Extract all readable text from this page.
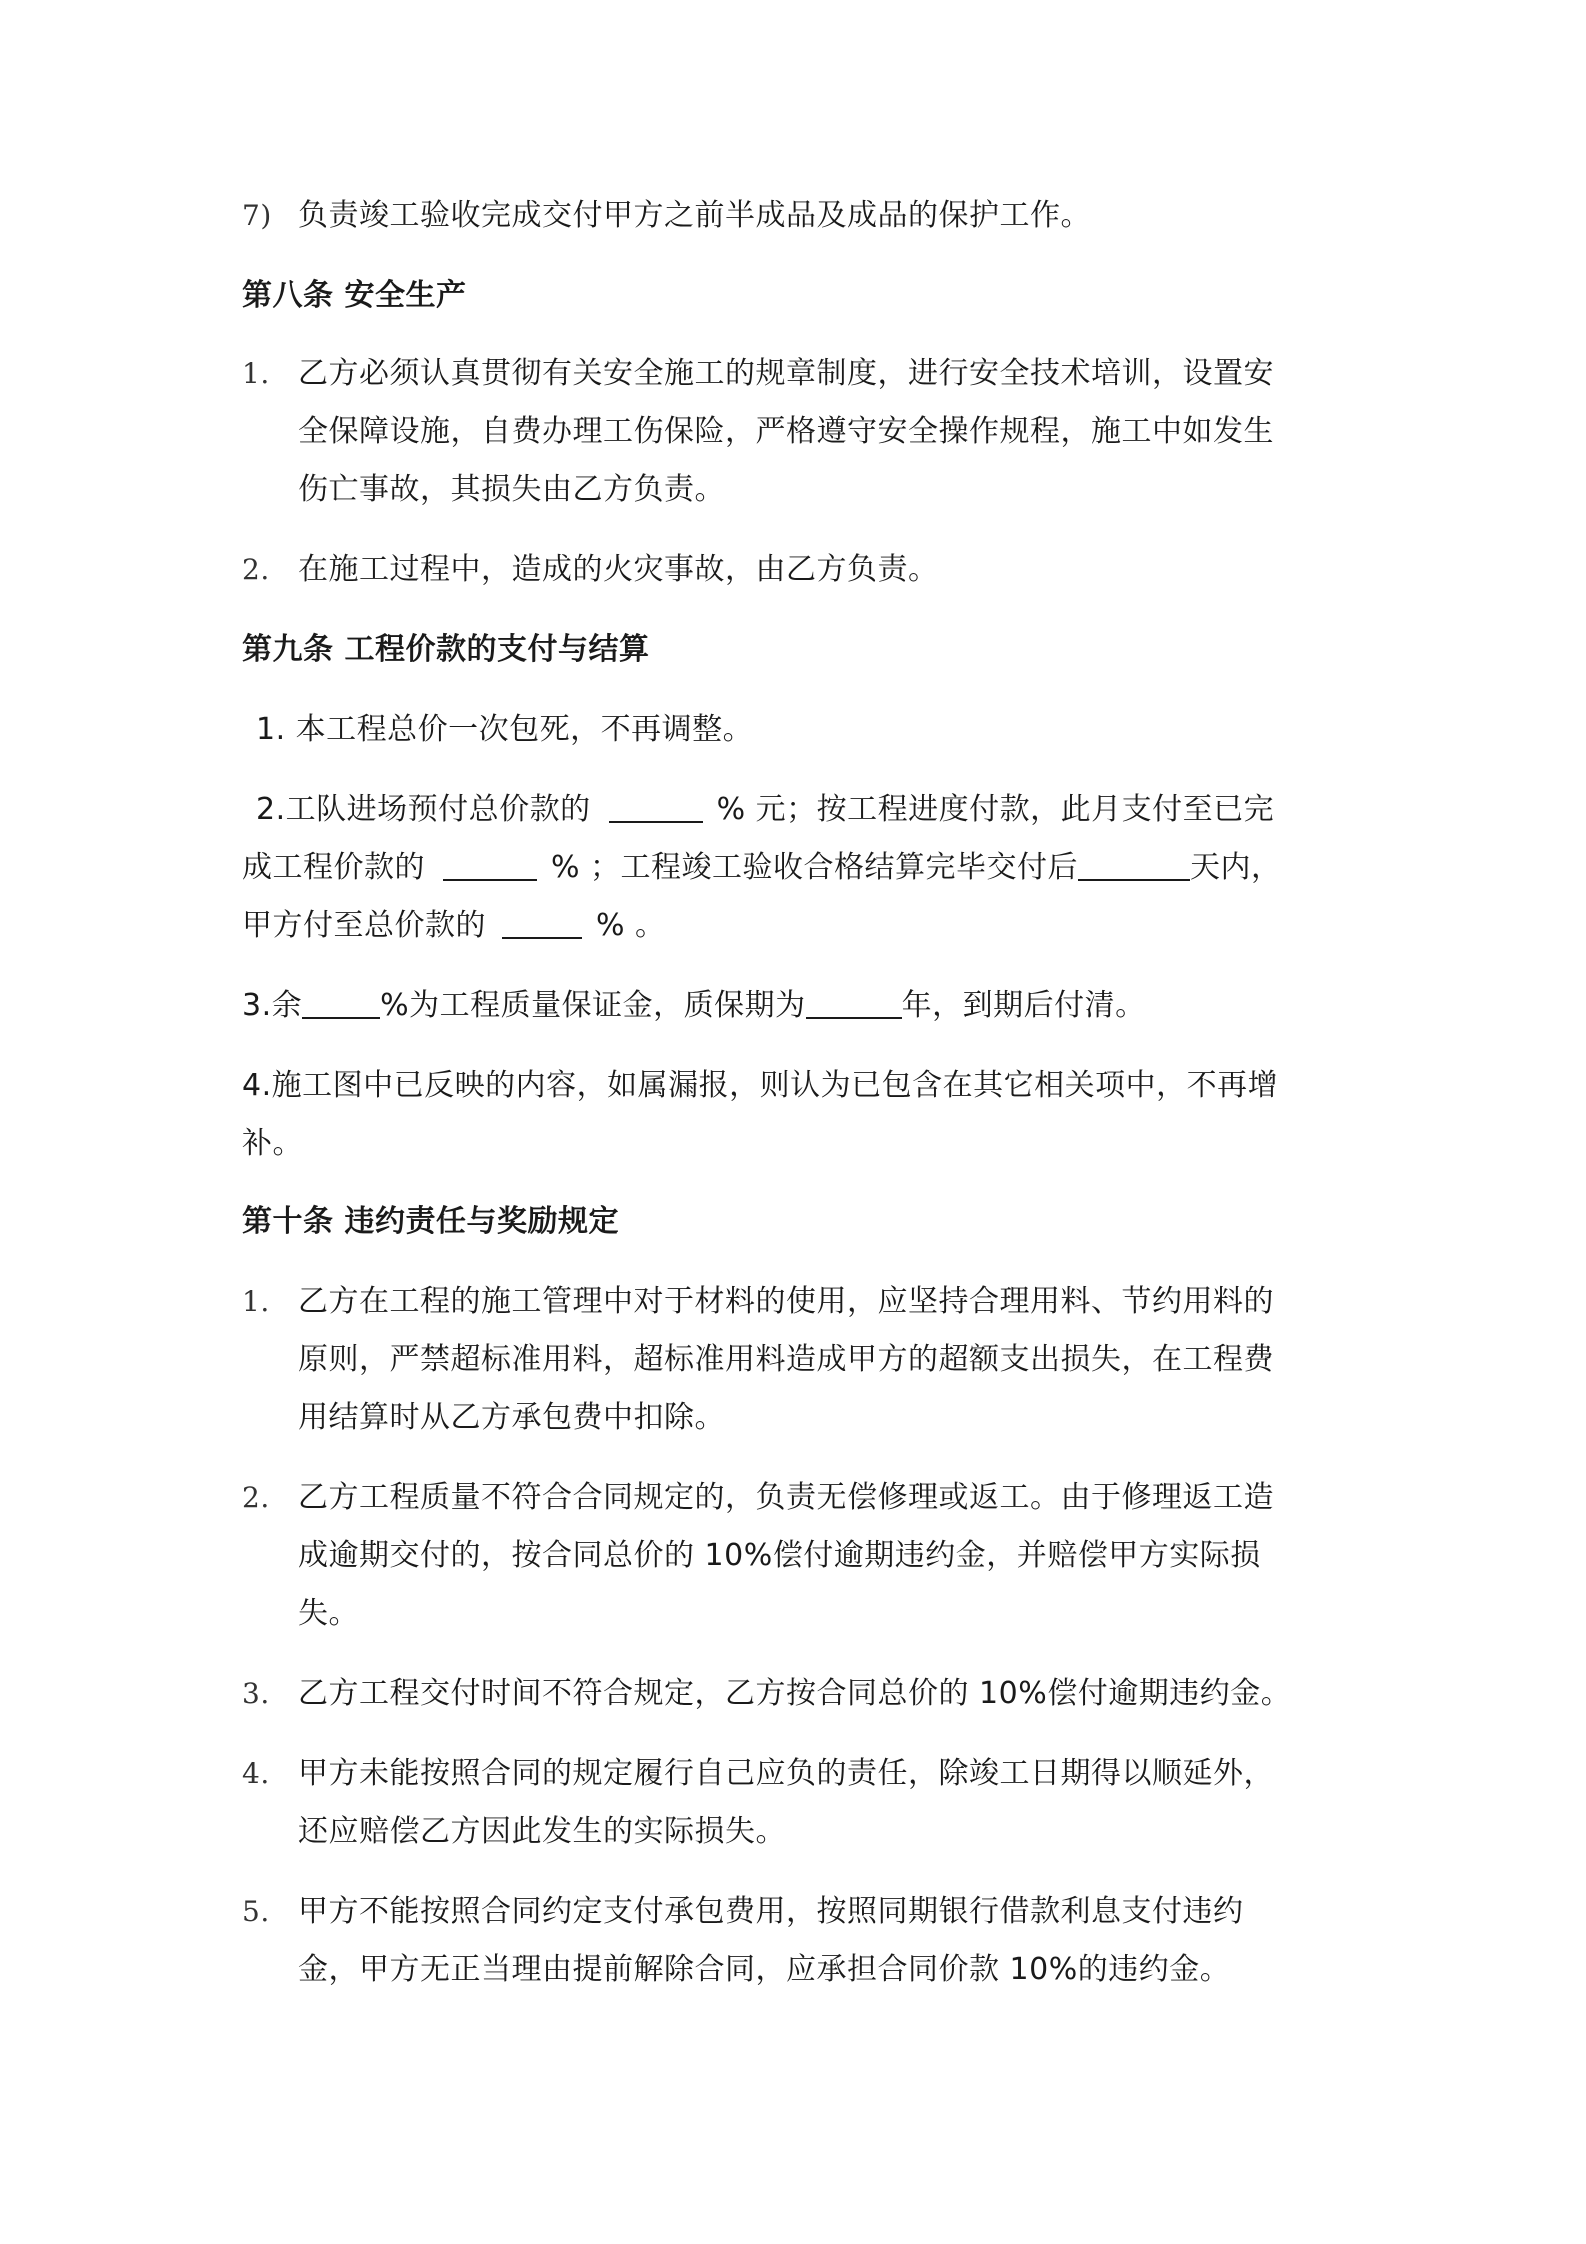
7) 负责竣工验收完成交付甲方之前半成品及成品的保护工作。
第八条 安全生产
1. 乙方必须认真贯彻有关安全施工的规章制度，进行安全技术培训，设置安
全保障设施，自费办理工伤保险，严格遵守安全操作规程，施工中如发生
伤亡事故，其损失由乙方负责。
2. 在施工过程中，造成的火灾事故，由乙方负责。
第九条 工程价款的支付与结算
1. 本工程总价一次包死，不再调整。
2.工队进场预付总价款的	% 元；按工程进度付款，此月支付至已完
成工程价款的	% ；工程竣工验收合格结算完毕交付后	天内，
甲方付至总价款的	% 。
3.余	%为工程质量保证金，质保期为	年，到期后付清。
4.施工图中已反映的内容，如属漏报，则认为已包含在其它相关项中，不再增
补。
第十条 违约责任与奖励规定
1. 乙方在工程的施工管理中对于材料的使用，应坚持合理用料、节约用料的
原则，严禁超标准用料，超标准用料造成甲方的超额支出损失，在工程费
用结算时从乙方承包费中扣除。
2. 乙方工程质量不符合合同规定的，负责无偿修理或返工。由于修理返工造
成逾期交付的，按合同总价的 10%偿付逾期违约金，并赔偿甲方实际损
失。
3. 乙方工程交付时间不符合规定，乙方按合同总价的 10%偿付逾期违约金。
4. 甲方未能按照合同的规定履行自己应负的责任，除竣工日期得以顺延外，
还应赔偿乙方因此发生的实际损失。
5. 甲方不能按照合同约定支付承包费用，按照同期银行借款利息支付违约
金，甲方无正当理由提前解除合同，应承担合同价款 10%的违约金。
